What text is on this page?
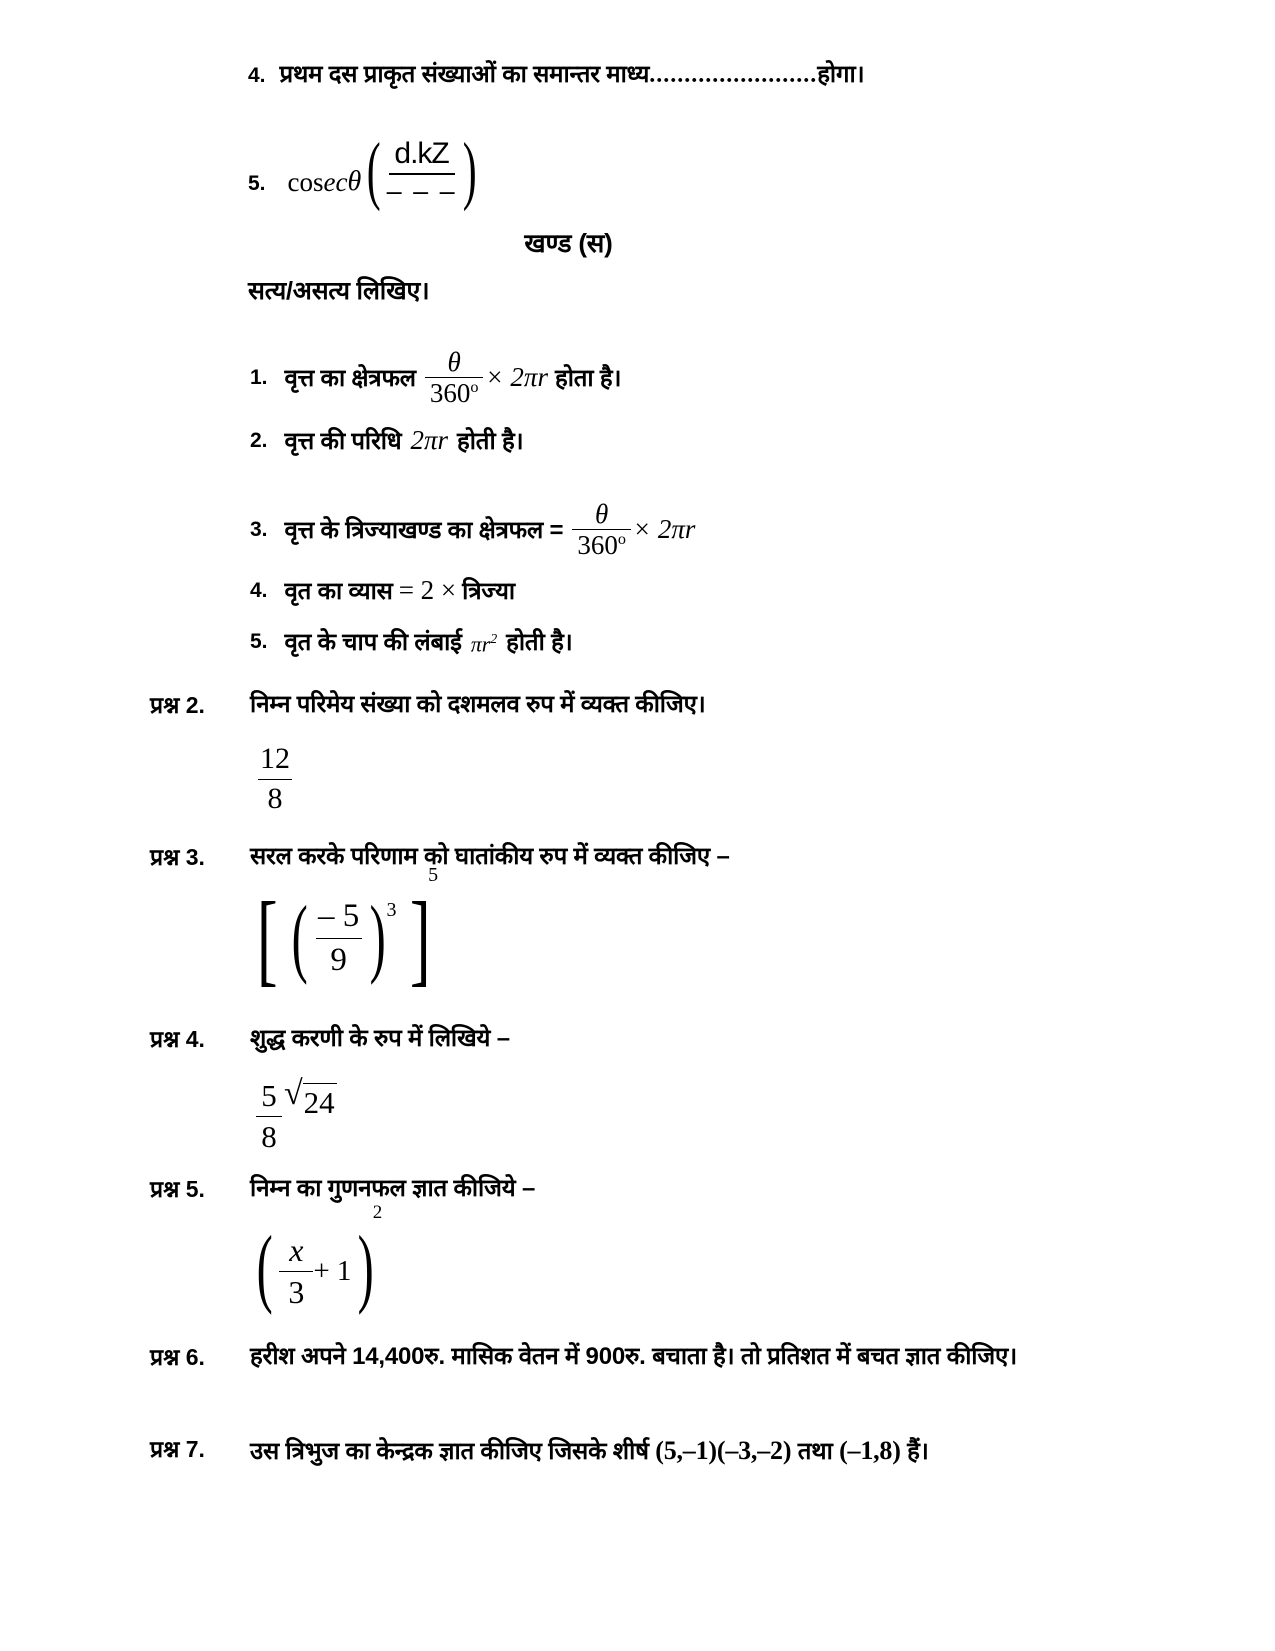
4. प्रथम दस प्राकृत संख्याओं का समान्तर माध्य........................होगा।
5. cosec θ ( $\frac{d.kZ}{- - -}$ )
खण्ड (स)
सत्य/असत्य लिखिए।
1. वृत्त का क्षेत्रफल $\frac{\theta}{360^o} \times 2\pi r$ होता है।
2. वृत्त की परिधि 2πr होती है।
3. वृत्त के त्रिज्याखण्ड का क्षेत्रफल = $\frac{\theta}{360^o} \times 2\pi r$
4. वृत का व्यास = 2 × त्रिज्या
5. वृत के चाप की लंबाई $\pi r^2$ होती है।
प्रश्न 2.	निम्न परिमेय संख्या को दशमलव रुप में व्यक्त कीजिए।
$\frac{12}{8}$
प्रश्न 3.	सरल करके परिणाम को घातांकीय रुप में व्यक्त कीजिए –
[ ( $\frac{- 5}{9}$ ) 3 ]
5
प्रश्न 4.	शुद्ध करणी के रुप में लिखिये –
$\frac{5}{8}$ √ 24
प्रश्न 5.	निम्न का गुणनफल ज्ञात कीजिये –
( $\frac{x}{3} + 1$ )
2
प्रश्न 6.	हरीश अपने 14,400रु. मासिक वेतन में 900रु. बचाता है। तो प्रतिशत में बचत ज्ञात कीजिए।
प्रश्न 7.	उस त्रिभुज का केन्द्रक ज्ञात कीजिए जिसके शीर्ष (5,–1)(–3,–2) तथा (–1,8) हैं।
